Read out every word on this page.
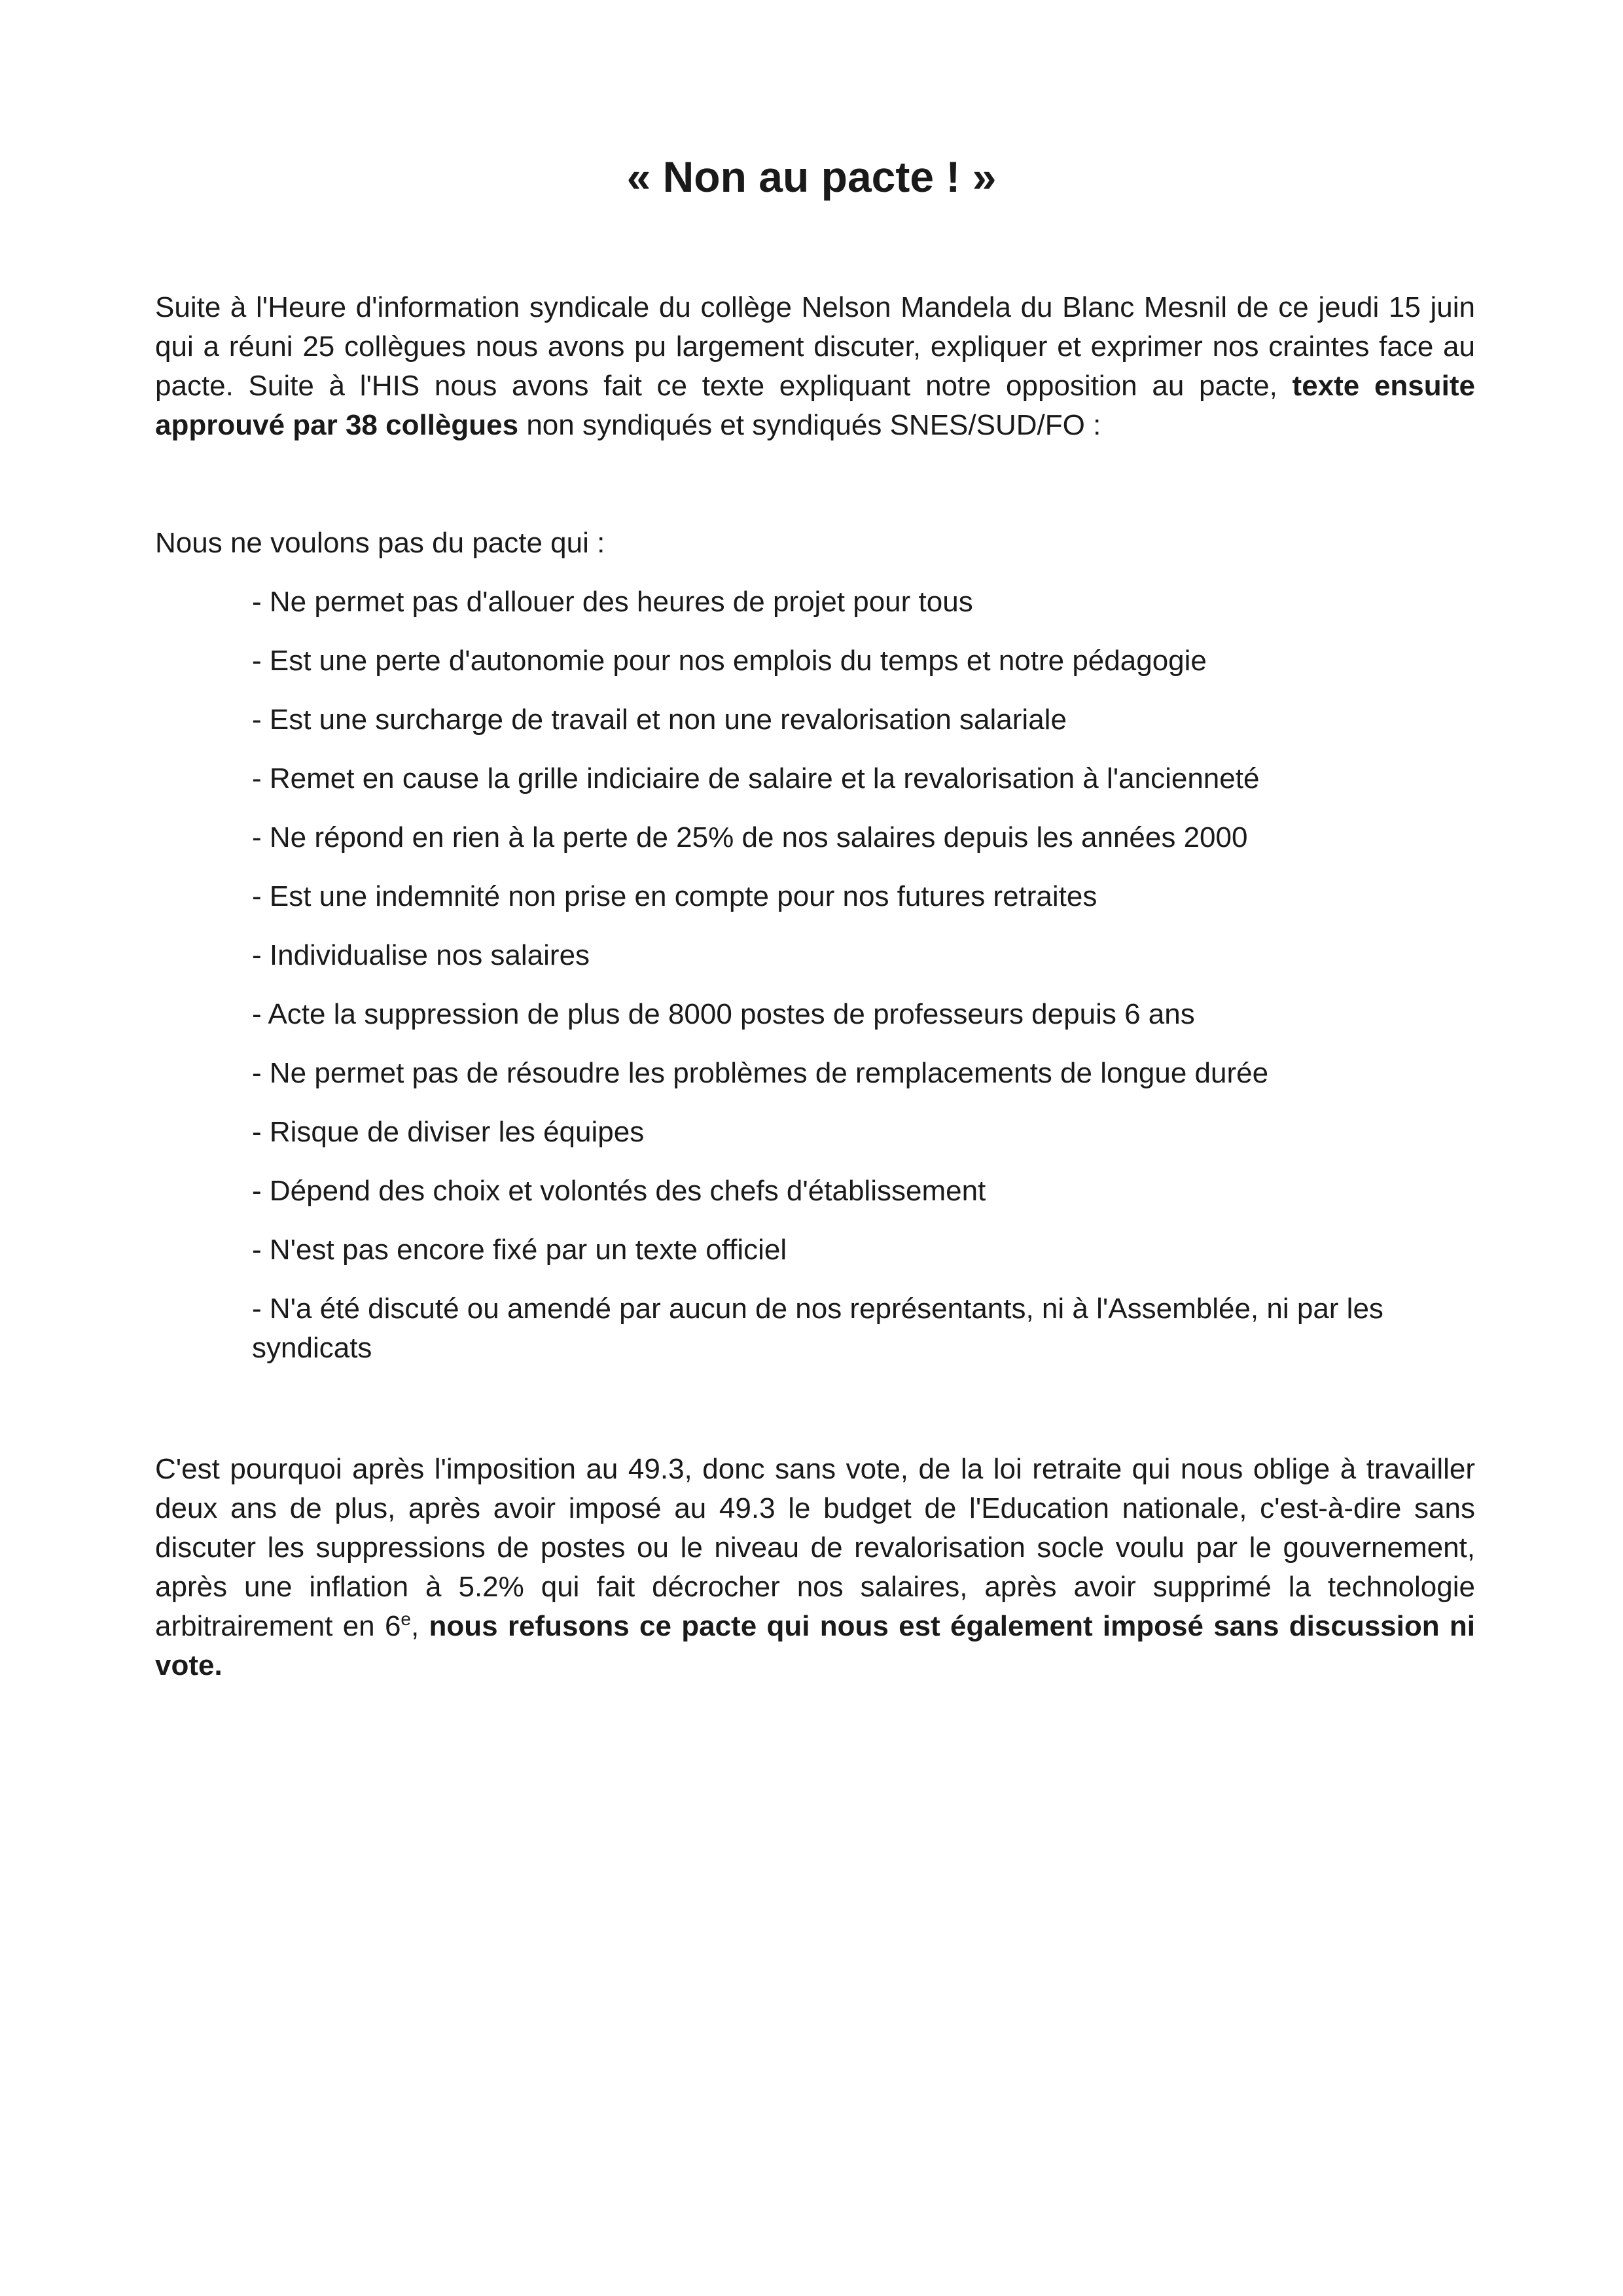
« Non au pacte ! »

Suite à l'Heure d'information syndicale du collège Nelson Mandela du Blanc Mesnil de ce jeudi 15 juin qui a réuni 25 collègues nous avons pu largement discuter, expliquer et exprimer nos craintes face au pacte. Suite à l'HIS nous avons fait ce texte expliquant notre opposition au pacte, texte ensuite approuvé par 38 collègues non syndiqués et syndiqués SNES/SUD/FO :

Nous ne voulons pas du pacte qui :

- Ne permet pas d'allouer des heures de projet pour tous
- Est une perte d'autonomie pour nos emplois du temps et notre pédagogie
- Est une surcharge de travail et non une revalorisation salariale
- Remet en cause la grille indiciaire de salaire et la revalorisation à l'ancienneté
- Ne répond en rien à la perte de 25% de nos salaires depuis les années 2000
- Est une indemnité non prise en compte pour nos futures retraites
- Individualise nos salaires
- Acte la suppression de plus de 8000 postes de professeurs depuis 6 ans
- Ne permet pas de résoudre les problèmes de remplacements de longue durée
- Risque de diviser les équipes
- Dépend des choix et volontés des chefs d'établissement
- N'est pas encore fixé par un texte officiel
- N'a été discuté ou amendé par aucun de nos représentants, ni à l'Assemblée, ni par les syndicats

C'est pourquoi après l'imposition au 49.3, donc sans vote, de la loi retraite qui nous oblige à travailler deux ans de plus, après avoir imposé au 49.3 le budget de l'Education nationale, c'est-à-dire sans discuter les suppressions de postes ou le niveau de revalorisation socle voulu par le gouvernement, après une inflation à 5.2% qui fait décrocher nos salaires, après avoir supprimé la technologie arbitrairement en 6e, nous refusons ce pacte qui nous est également imposé sans discussion ni vote.
